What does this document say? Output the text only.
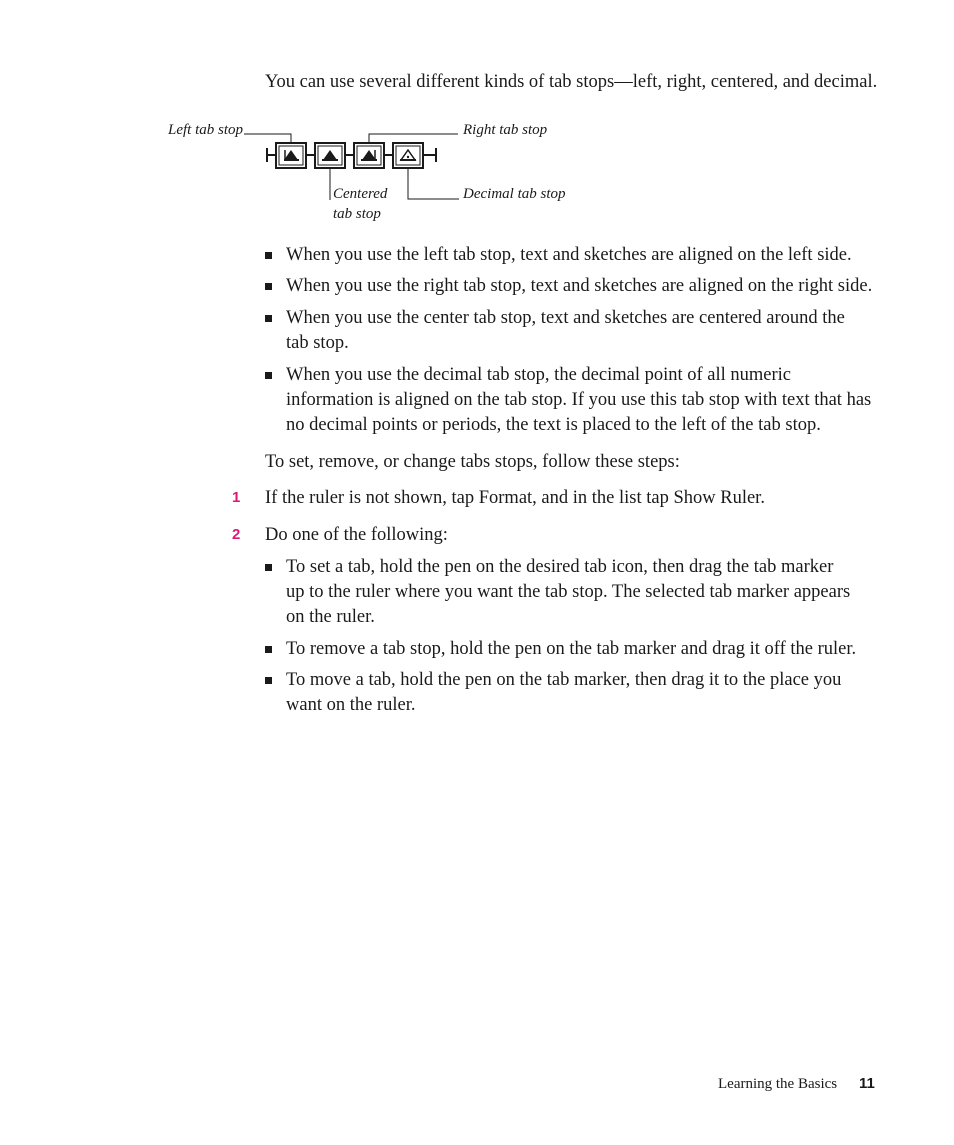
You can use several different kinds of tab stops—left, right, centered, and decimal.

Left tab stop	Right tab stop
Centered
tab stop
Decimal tab stop
When you use the left tab stop, text and sketches are aligned on the left side.
When you use the right tab stop, text and sketches are aligned on the right side.
When you use the center tab stop, text and sketches are centered around the tab stop.
When you use the decimal tab stop, the decimal point of all numeric information is aligned on the tab stop. If you use this tab stop with text that has no decimal points or periods, the text is placed to the left of the tab stop.

To set, remove, or change tabs stops, follow these steps:

1 If the ruler is not shown, tap Format, and in the list tap Show Ruler.

2 Do one of the following:

To set a tab, hold the pen on the desired tab icon, then drag the tab marker up to the ruler where you want the tab stop. The selected tab marker appears on the ruler.
To remove a tab stop, hold the pen on the tab marker and drag it off the ruler.
To move a tab, hold the pen on the tab marker, then drag it to the place you want on the ruler.
Learning the Basics 11
